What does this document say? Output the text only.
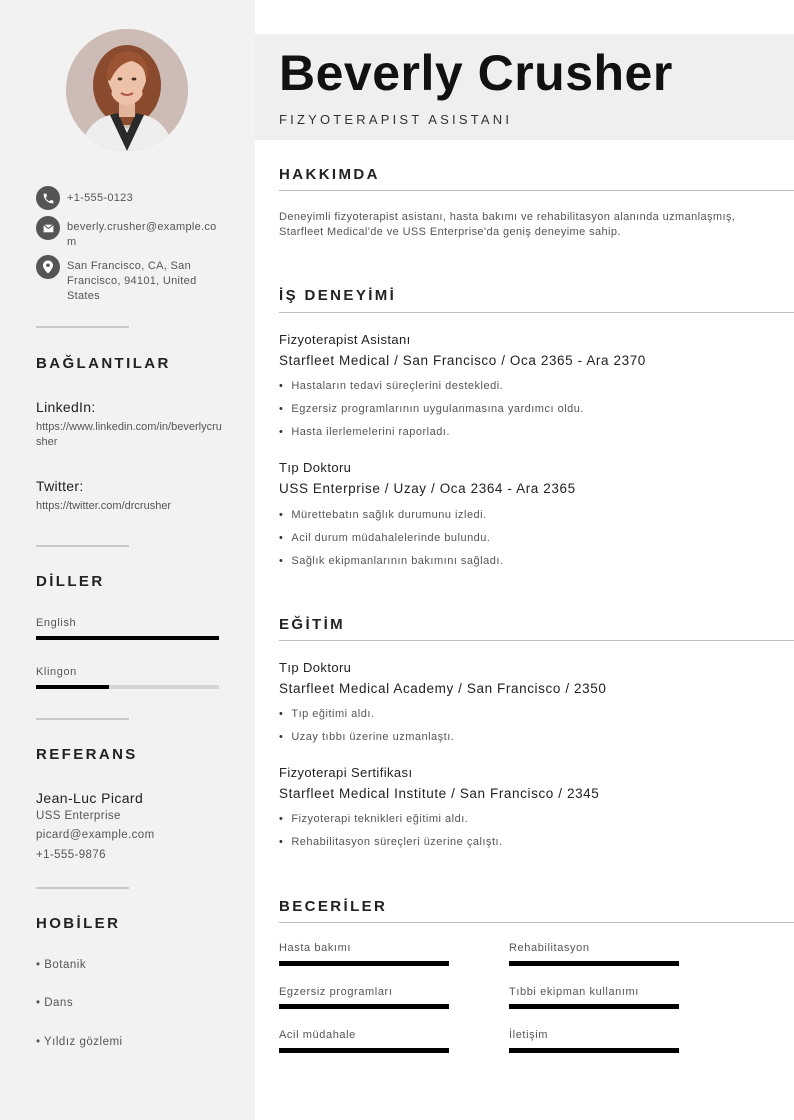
+1-555-0123
beverly.crusher@example.com
San Francisco, CA, San Francisco, 94101, United States
BAĞLANTILAR
LinkedIn:
https://www.linkedin.com/in/beverlycrusher
Twitter:
https://twitter.com/drcrusher
DİLLER
English
Klingon
REFERANS
Jean-Luc Picard
USS Enterprise
picard@example.com
+1-555-9876
HOBİLER
• Botanik
• Dans
• Yıldız gözlemi
Beverly Crusher
FIZYOTERAPIST ASISTANI
HAKKIMDA
Deneyimli fizyoterapist asistanı, hasta bakımı ve rehabilitasyon alanında uzmanlaşmış, Starfleet Medical'de ve USS Enterprise'da geniş deneyime sahip.
İŞ DENEYİMİ
Fizyoterapist Asistanı
Starfleet Medical / San Francisco / Oca 2365 - Ara 2370
• Hastaların tedavi süreçlerini destekledi.
• Egzersiz programlarının uygulanmasına yardımcı oldu.
• Hasta ilerlemelerini raporladı.
Tıp Doktoru
USS Enterprise / Uzay / Oca 2364 - Ara 2365
• Mürettebatın sağlık durumunu izledi.
• Acil durum müdahalelerinde bulundu.
• Sağlık ekipmanlarının bakımını sağladı.
EĞİTİM
Tıp Doktoru
Starfleet Medical Academy / San Francisco / 2350
• Tıp eğitimi aldı.
• Uzay tıbbı üzerine uzmanlaştı.
Fizyoterapi Sertifikası
Starfleet Medical Institute / San Francisco / 2345
• Fizyoterapi teknikleri eğitimi aldı.
• Rehabilitasyon süreçleri üzerine çalıştı.
BECERİLER
Hasta bakımı	Rehabilitasyon
Egzersiz programları	Tıbbi ekipman kullanımı
Acil müdahale	İletişim
